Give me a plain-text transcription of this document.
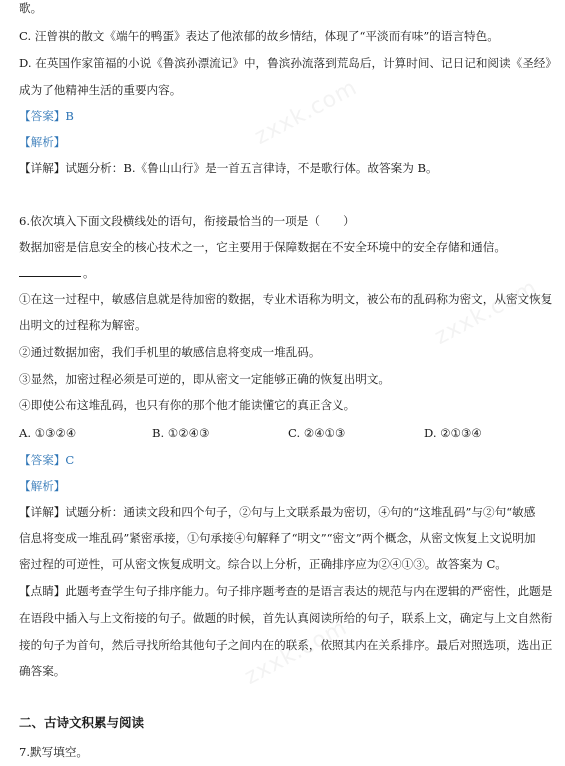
zxxk.com
zxxk.com
zxxk.com
歌。
C. 汪曾祺的散文《端午的鸭蛋》表达了他浓郁的故乡情结，体现了“平淡而有味”的语言特色。
D. 在英国作家笛福的小说《鲁滨孙漂流记》中，鲁滨孙流落到荒岛后，计算时间、记日记和阅读《圣经》
成为了他精神生活的重要内容。
【答案】B
【解析】
【详解】试题分析：B.《鲁山山行》是一首五言律诗，不是歌行体。故答案为 B。
6.依次填入下面文段横线处的语句，衔接最恰当的一项是（　　）
数据加密是信息安全的核心技术之一，它主要用于保障数据在不安全环境中的安全存储和通信。
。
①在这一过程中，敏感信息就是待加密的数据，专业术语称为明文，被公布的乱码称为密文，从密文恢复
出明文的过程称为解密。
②通过数据加密，我们手机里的敏感信息将变成一堆乱码。
③显然，加密过程必须是可逆的，即从密文一定能够正确的恢复出明文。
④即使公布这堆乱码，也只有你的那个他才能读懂它的真正含义。
A. ①③②④	B. ①②④③	C. ②④①③	D. ②①③④
【答案】C
【解析】
【详解】试题分析：通读文段和四个句子，②句与上文联系最为密切，④句的“这堆乱码”与②句“敏感
信息将变成一堆乱码”紧密承接，①句承接④句解释了“明文”“密文”两个概念，从密文恢复上文说明加
密过程的可逆性，可从密文恢复成明文。综合以上分析，正确排序应为②④①③。故答案为 C。
【点睛】此题考查学生句子排序能力。句子排序题考查的是语言表达的规范与内在逻辑的严密性，此题是
在语段中插入与上文衔接的句子。做题的时候，首先认真阅读所给的句子，联系上文，确定与上文自然衔
接的句子为首句，然后寻找所给其他句子之间内在的联系，依照其内在关系排序。最后对照选项，选出正
确答案。
二、古诗文积累与阅读
7.默写填空。
